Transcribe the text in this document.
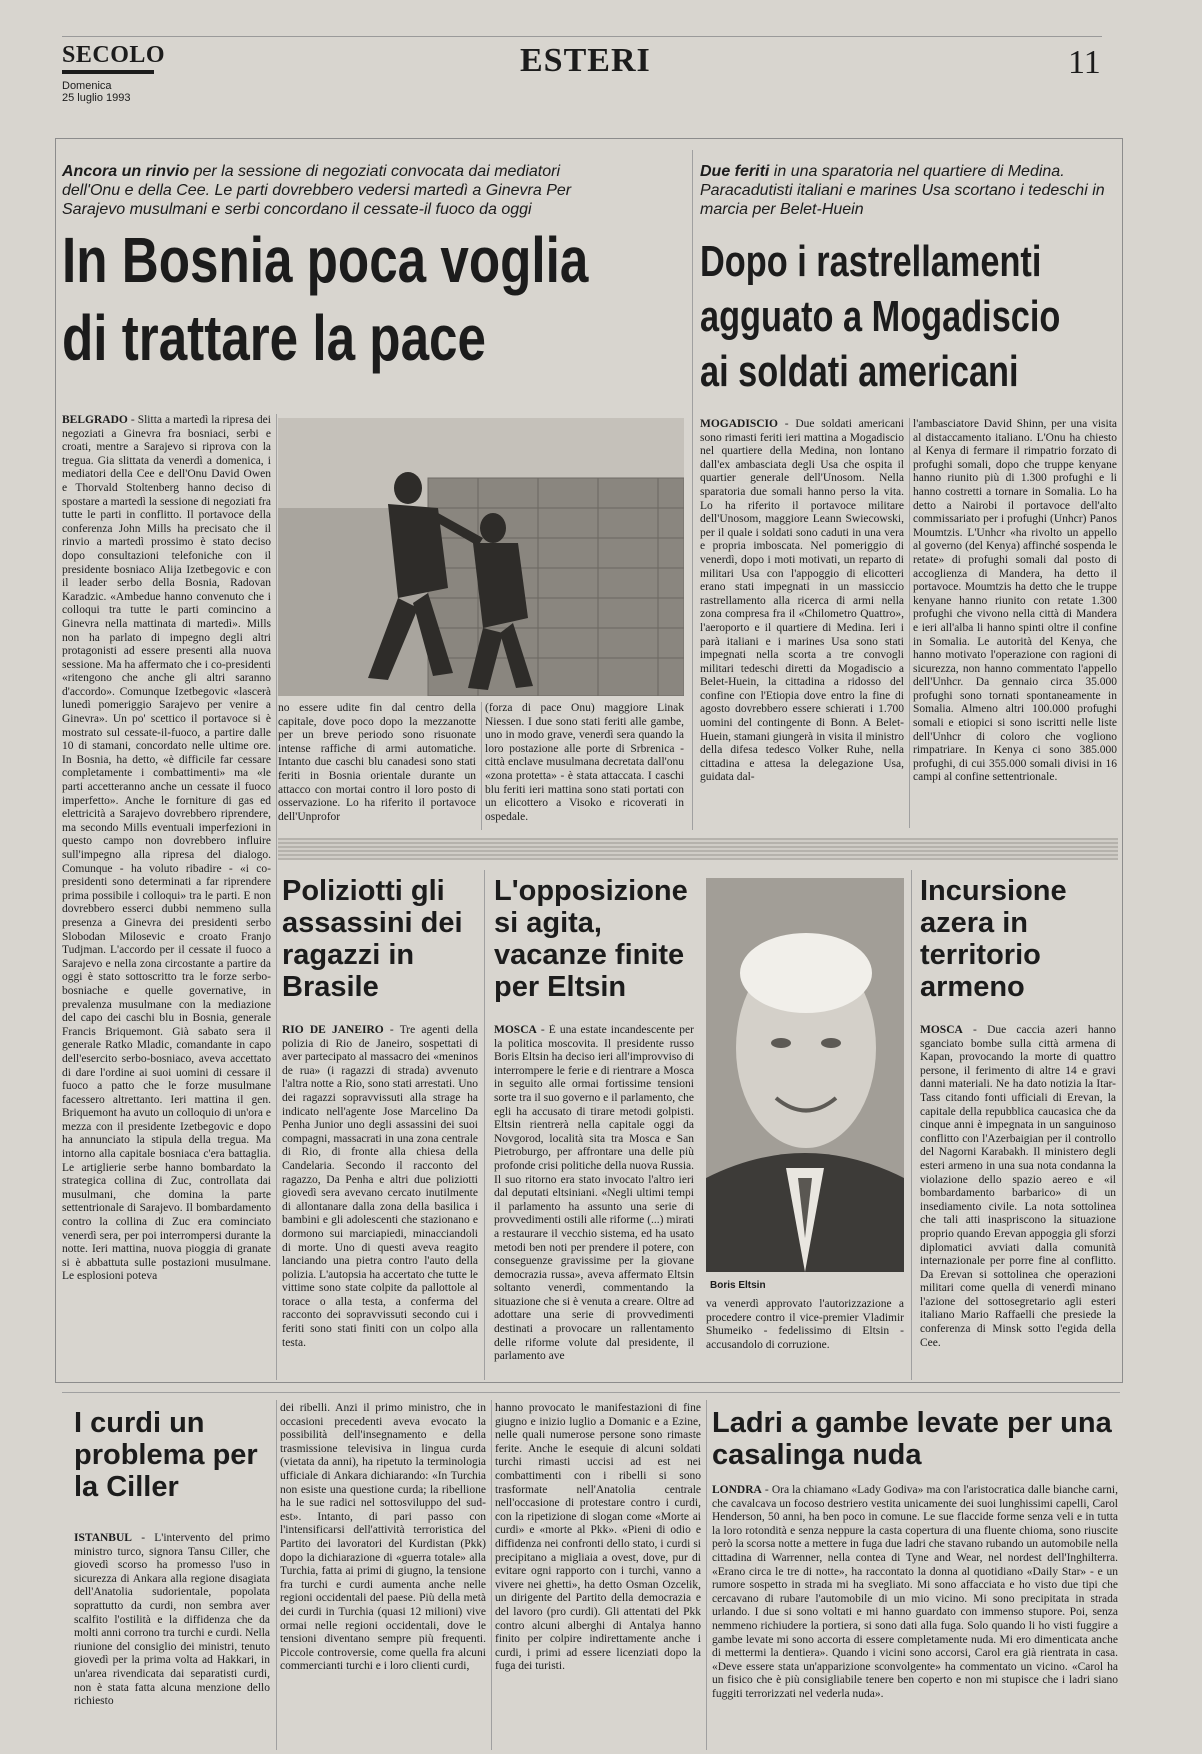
SECOLO
Domenica
25 luglio 1993
ESTERI	11
Ancora un rinvio per la sessione di negoziati convocata dai mediatori dell'Onu e della Cee. Le parti dovrebbero vedersi martedì a Ginevra Per Sarajevo musulmani e serbi concordano il cessate-il fuoco da oggi
In Bosnia poca voglia
di trattare la pace

BELGRADO - Slitta a martedì la ripresa dei negoziati a Ginevra fra bosniaci, serbi e croati, mentre a Sarajevo si riprova con la tregua. Gia slittata da venerdì a domenica, i mediatori della Cee e dell'Onu David Owen e Thorvald Stoltenberg hanno deciso di spostare a martedì la sessione di negoziati fra tutte le parti in conflitto. Il portavoce della conferenza John Mills ha precisato che il rinvio a martedì prossimo è stato deciso dopo consultazioni telefoniche con il presidente bosniaco Alija Izetbegovic e con il leader serbo della Bosnia, Radovan Karadzic. «Ambedue hanno convenuto che i colloqui tra tutte le parti comincino a Ginevra nella mattinata di martedì». Mills non ha parlato di impegno degli altri protagonisti ad essere presenti alla nuova sessione. Ma ha affermato che i co-presidenti «ritengono che anche gli altri saranno d'accordo». Comunque Izetbegovic «lascerà lunedì pomeriggio Sarajevo per venire a Ginevra». Un po' scettico il portavoce si è mostrato sul cessate-il-fuoco, a partire dalle 10 di stamani, concordato nelle ultime ore. In Bosnia, ha detto, «è difficile far cessare completamente i combattimenti» ma «le parti accetteranno anche un cessate il fuoco imperfetto». Anche le forniture di gas ed elettricità a Sarajevo dovrebbero riprendere, ma secondo Mills eventuali imperfezioni in questo campo non dovrebbero influire sull'impegno alla ripresa del dialogo. Comunque - ha voluto ribadire - «i co-presidenti sono determinati a far riprendere prima possibile i colloqui» tra le parti. E non dovrebbero esserci dubbi nemmeno sulla presenza a Ginevra dei presidenti serbo Slobodan Milosevic e croato Franjo Tudjman. L'accordo per il cessate il fuoco a Sarajevo e nella zona circostante a partire da oggi è stato sottoscritto tra le forze serbo-bosniache e quelle governative, in prevalenza musulmane con la mediazione del capo dei caschi blu in Bosnia, generale Francis Briquemont. Già sabato sera il generale Ratko Mladic, comandante in capo dell'esercito serbo-bosniaco, aveva accettato di dare l'ordine ai suoi uomini di cessare il fuoco a patto che le forze musulmane facessero altrettanto. Ieri mattina il gen. Briquemont ha avuto un colloquio di un'ora e mezza con il presidente Izetbegovic e dopo ha annunciato la stipula della tregua. Ma intorno alla capitale bosniaca c'era battaglia. Le artiglierie serbe hanno bombardato la strategica collina di Zuc, controllata dai musulmani, che domina la parte settentrionale di Sarajevo. Il bombardamento contro la collina di Zuc era cominciato venerdì sera, per poi interrompersi durante la notte. Ieri mattina, nuova pioggia di granate si è abbattuta sulle postazioni musulmane. Le esplosioni poteva

no essere udite fin dal centro della capitale, dove poco dopo la mezzanotte per un breve periodo sono risuonate intense raffiche di armi automatiche. Intanto due caschi blu canadesi sono stati feriti in Bosnia orientale durante un attacco con mortai contro il loro posto di osservazione. Lo ha riferito il portavoce dell'Unprofor

(forza di pace Onu) maggiore Linak Niessen. I due sono stati feriti alle gambe, uno in modo grave, venerdì sera quando la loro postazione alle porte di Srbrenica - città enclave musulmana decretata dall'onu «zona protetta» - è stata attaccata. I caschi blu feriti ieri mattina sono stati portati con un elicottero a Visoko e ricoverati in ospedale.

Due feriti in una sparatoria nel quartiere di Medina. Paracadutisti italiani e marines Usa scortano i tedeschi in marcia per Belet-Huein
Dopo i rastrellamenti
agguato a Mogadiscio
ai soldati americani

MOGADISCIO - Due soldati americani sono rimasti feriti ieri mattina a Mogadiscio nel quartiere della Medina, non lontano dall'ex ambasciata degli Usa che ospita il quartier generale dell'Unosom. Nella sparatoria due somali hanno perso la vita. Lo ha riferito il portavoce militare dell'Unosom, maggiore Leann Swiecowski, per il quale i soldati sono caduti in una vera e propria imboscata. Nel pomeriggio di venerdì, dopo i moti motivati, un reparto di militari Usa con l'appoggio di elicotteri erano stati impegnati in un massiccio rastrellamento alla ricerca di armi nella zona compresa fra il «Chilometro Quattro», l'aeroporto e il quartiere di Medina. Ieri i parà italiani e i marines Usa sono stati impegnati nella scorta a tre convogli militari tedeschi diretti da Mogadiscio a Belet-Huein, la cittadina a ridosso del confine con l'Etiopia dove entro la fine di agosto dovrebbero essere schierati i 1.700 uomini del contingente di Bonn. A Belet-Huein, stamani giungerà in visita il ministro della difesa tedesco Volker Ruhe, nella cittadina e attesa la delegazione Usa, guidata dal-

l'ambasciatore David Shinn, per una visita al distaccamento italiano. L'Onu ha chiesto al Kenya di fermare il rimpatrio forzato di profughi somali, dopo che truppe kenyane hanno riunito più di 1.300 profughi e li hanno costretti a tornare in Somalia. Lo ha detto a Nairobi il portavoce dell'alto commissariato per i profughi (Unhcr) Panos Moumtzis. L'Unhcr «ha rivolto un appello al governo (del Kenya) affinché sospenda le retate» di profughi somali dal posto di accoglienza di Mandera, ha detto il portavoce. Moumtzis ha detto che le truppe kenyane hanno riunito con retate 1.300 profughi che vivono nella città di Mandera e ieri all'alba li hanno spinti oltre il confine in Somalia. Le autorità del Kenya, che hanno motivato l'operazione con ragioni di sicurezza, non hanno commentato l'appello dell'Unhcr. Da gennaio circa 35.000 profughi sono tornati spontaneamente in Somalia. Almeno altri 100.000 profughi somali e etiopici si sono iscritti nelle liste dell'Unhcr di coloro che vogliono rimpatriare. In Kenya ci sono 385.000 profughi, di cui 355.000 somali divisi in 16 campi al confine settentrionale.

Poliziotti gli assassini dei ragazzi in Brasile

RIO DE JANEIRO - Tre agenti della polizia di Rio de Janeiro, sospettati di aver partecipato al massacro dei «meninos de rua» (i ragazzi di strada) avvenuto l'altra notte a Rio, sono stati arrestati. Uno dei ragazzi sopravvissuti alla strage ha indicato nell'agente Jose Marcelino Da Penha Junior uno degli assassini dei suoi compagni, massacrati in una zona centrale di Rio, di fronte alla chiesa della Candelaria. Secondo il racconto del ragazzo, Da Penha e altri due poliziotti giovedì sera avevano cercato inutilmente di allontanare dalla zona della basilica i bambini e gli adolescenti che stazionano e dormono sui marciapiedi, minacciandoli di morte. Uno di questi aveva reagito lanciando una pietra contro l'auto della polizia. L'autopsia ha accertato che tutte le vittime sono state colpite da pallottole al torace o alla testa, a conferma del racconto dei sopravvissuti secondo cui i feriti sono stati finiti con un colpo alla testa.

L'opposizione si agita, vacanze finite per Eltsin

MOSCA - È una estate incandescente per la politica moscovita. Il presidente russo Boris Eltsin ha deciso ieri all'improvviso di interrompere le ferie e di rientrare a Mosca in seguito alle ormai fortissime tensioni sorte tra il suo governo e il parlamento, che egli ha accusato di tirare metodi golpisti. Eltsin rientrerà nella capitale oggi da Novgorod, località sita tra Mosca e San Pietroburgo, per affrontare una delle più profonde crisi politiche della nuova Russia. Il suo ritorno era stato invocato l'altro ieri dal deputati eltsiniani. «Negli ultimi tempi il parlamento ha assunto una serie di provvedimenti ostili alle riforme (...) mirati a restaurare il vecchio sistema, ed ha usato metodi ben noti per prendere il potere, con conseguenze gravissime per la giovane democrazia russa», aveva affermato Eltsin soltanto venerdì, commentando la situazione che si è venuta a creare. Oltre ad adottare una serie di provvedimenti destinati a provocare un rallentamento delle riforme volute dal presidente, il parlamento ave

Boris Eltsin

va venerdì approvato l'autorizzazione a procedere contro il vice-premier Vladimir Shumeiko - fedelissimo di Eltsin - accusandolo di corruzione.

Incursione azera in territorio armeno

MOSCA - Due caccia azeri hanno sganciato bombe sulla città armena di Kapan, provocando la morte di quattro persone, il ferimento di altre 14 e gravi danni materiali. Ne ha dato notizia la Itar-Tass citando fonti ufficiali di Erevan, la capitale della repubblica caucasica che da cinque anni è impegnata in un sanguinoso conflitto con l'Azerbaigian per il controllo del Nagorni Karabakh. Il ministero degli esteri armeno in una sua nota condanna la violazione dello spazio aereo e «il bombardamento barbarico» di un insediamento civile. La nota sottolinea che tali atti inaspriscono la situazione proprio quando Erevan appoggia gli sforzi diplomatici avviati dalla comunità internazionale per porre fine al conflitto. Da Erevan si sottolinea che operazioni militari come quella di venerdì minano l'azione del sottosegretario agli esteri italiano Mario Raffaelli che presiede la conferenza di Minsk sotto l'egida della Cee.

I curdi un problema per la Ciller

ISTANBUL - L'intervento del primo ministro turco, signora Tansu Ciller, che giovedì scorso ha promesso l'uso in sicurezza di Ankara alla regione disagiata dell'Anatolia sudorientale, popolata soprattutto da curdi, non sembra aver scalfito l'ostilità e la diffidenza che da molti anni corrono tra turchi e curdi. Nella riunione del consiglio dei ministri, tenuto giovedì per la prima volta ad Hakkari, in un'area rivendicata dai separatisti curdi, non è stata fatta alcuna menzione dello richiesto

dei ribelli. Anzi il primo ministro, che in occasioni precedenti aveva evocato la possibilità dell'insegnamento e della trasmissione televisiva in lingua curda (vietata da anni), ha ripetuto la terminologia ufficiale di Ankara dichiarando: «In Turchia non esiste una questione curda; la ribellione ha le sue radici nel sottosviluppo del sud-est». Intanto, di pari passo con l'intensificarsi dell'attività terroristica del Partito dei lavoratori del Kurdistan (Pkk) dopo la dichiarazione di «guerra totale» alla Turchia, fatta ai primi di giugno, la tensione fra turchi e curdi aumenta anche nelle regioni occidentali del paese. Più della metà dei curdi in Turchia (quasi 12 milioni) vive ormai nelle regioni occidentali, dove le tensioni diventano sempre più frequenti. Piccole controversie, come quella fra alcuni commercianti turchi e i loro clienti curdi,

hanno provocato le manifestazioni di fine giugno e inizio luglio a Domanic e a Ezine, nelle quali numerose persone sono rimaste ferite. Anche le esequie di alcuni soldati turchi rimasti uccisi ad est nei combattimenti con i ribelli si sono trasformate nell'Anatolia centrale nell'occasione di protestare contro i curdi, con la ripetizione di slogan come «Morte ai curdi» e «morte al Pkk». «Pieni di odio e diffidenza nei confronti dello stato, i curdi si precipitano a migliaia a ovest, dove, pur di evitare ogni rapporto con i turchi, vanno a vivere nei ghetti», ha detto Osman Ozcelik, un dirigente del Partito della democrazia e del lavoro (pro curdi). Gli attentati del Pkk contro alcuni alberghi di Antalya hanno finito per colpire indirettamente anche i curdi, i primi ad essere licenziati dopo la fuga dei turisti.

Ladri a gambe levate per una casalinga nuda

LONDRA - Ora la chiamano «Lady Godiva» ma con l'aristocratica dalle bianche carni, che cavalcava un focoso destriero vestita unicamente dei suoi lunghissimi capelli, Carol Henderson, 50 anni, ha ben poco in comune. Le sue flaccide forme senza veli e in tutta la loro rotondità e senza neppure la casta copertura di una fluente chioma, sono riuscite però la scorsa notte a mettere in fuga due ladri che stavano rubando un automobile nella cittadina di Warrenner, nella contea di Tyne and Wear, nel nordest dell'Inghilterra. «Erano circa le tre di notte», ha raccontato la donna al quotidiano «Daily Star» - e un rumore sospetto in strada mi ha svegliato. Mi sono affacciata e ho visto due tipi che cercavano di rubare l'automobile di un mio vicino. Mi sono precipitata in strada urlando. I due si sono voltati e mi hanno guardato con immenso stupore. Poi, senza nemmeno richiudere la portiera, si sono dati alla fuga. Solo quando li ho visti fuggire a gambe levate mi sono accorta di essere completamente nuda. Mi ero dimenticata anche di mettermi la dentiera». Quando i vicini sono accorsi, Carol era già rientrata in casa. «Deve essere stata un'apparizione sconvolgente» ha commentato un vicino. «Carol ha un fisico che è più consigliabile tenere ben coperto e non mi stupisce che i ladri siano fuggiti terrorizzati nel vederla nuda».
